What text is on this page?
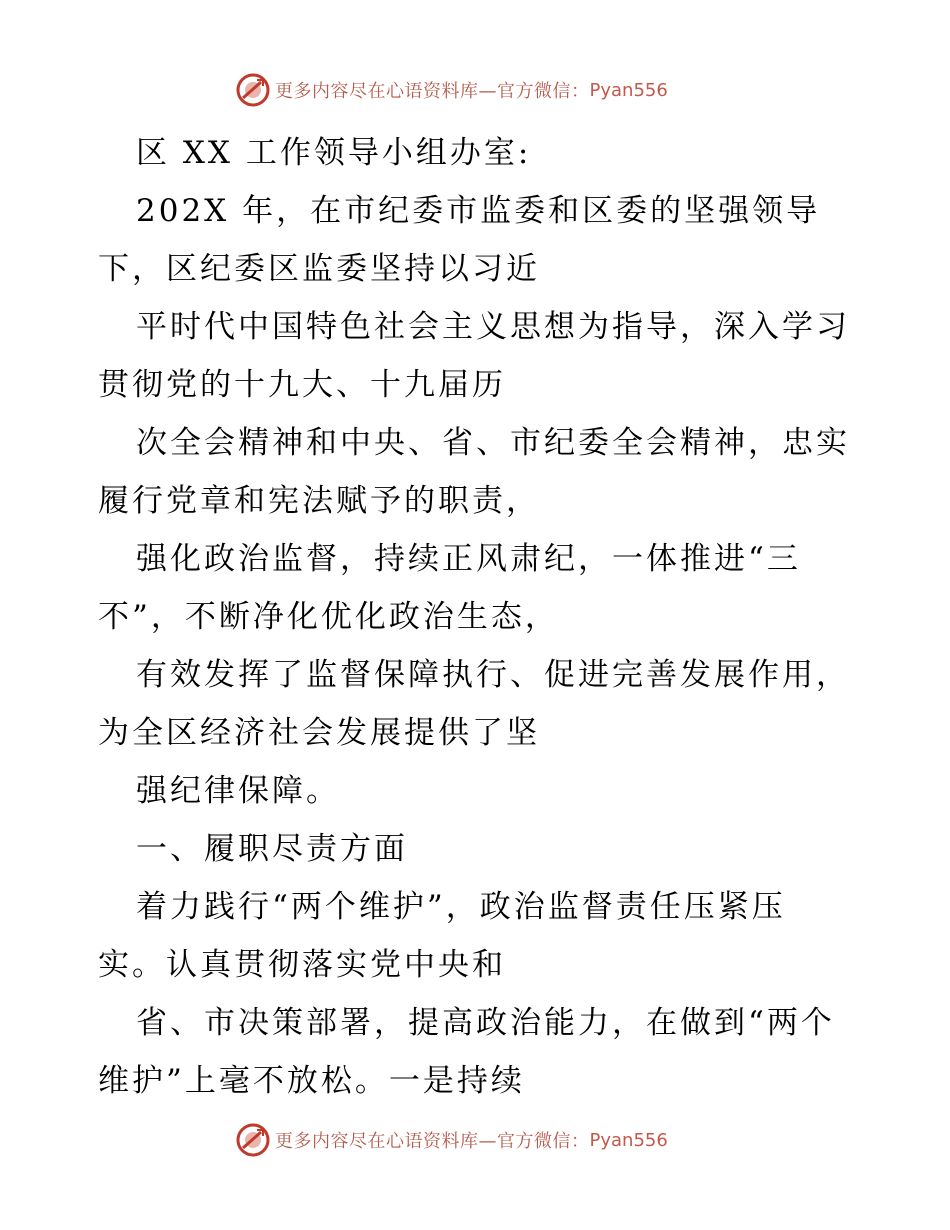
更多内容尽在心语资料库—官方微信： Pyan556
区 XX 工作领导小组办室:
202X 年，在市纪委市监委和区委的坚强领导
下，区纪委区监委坚持以习近
平时代中国特色社会主义思想为指导，深入学习
贯彻党的十九大、十九届历
次全会精神和中央、省、市纪委全会精神，忠实
履行党章和宪法赋予的职责，
强化政治监督，持续正风肃纪，一体推进“三
不”，不断净化优化政治生态，
有效发挥了监督保障执行、促进完善发展作用，
为全区经济社会发展提供了坚
强纪律保障。
一、履职尽责方面
着力践行“两个维护”，政治监督责任压紧压
实。认真贯彻落实党中央和
省、市决策部署，提高政治能力，在做到“两个
维护”上毫不放松。一是持续
更多内容尽在心语资料库—官方微信： Pyan556
